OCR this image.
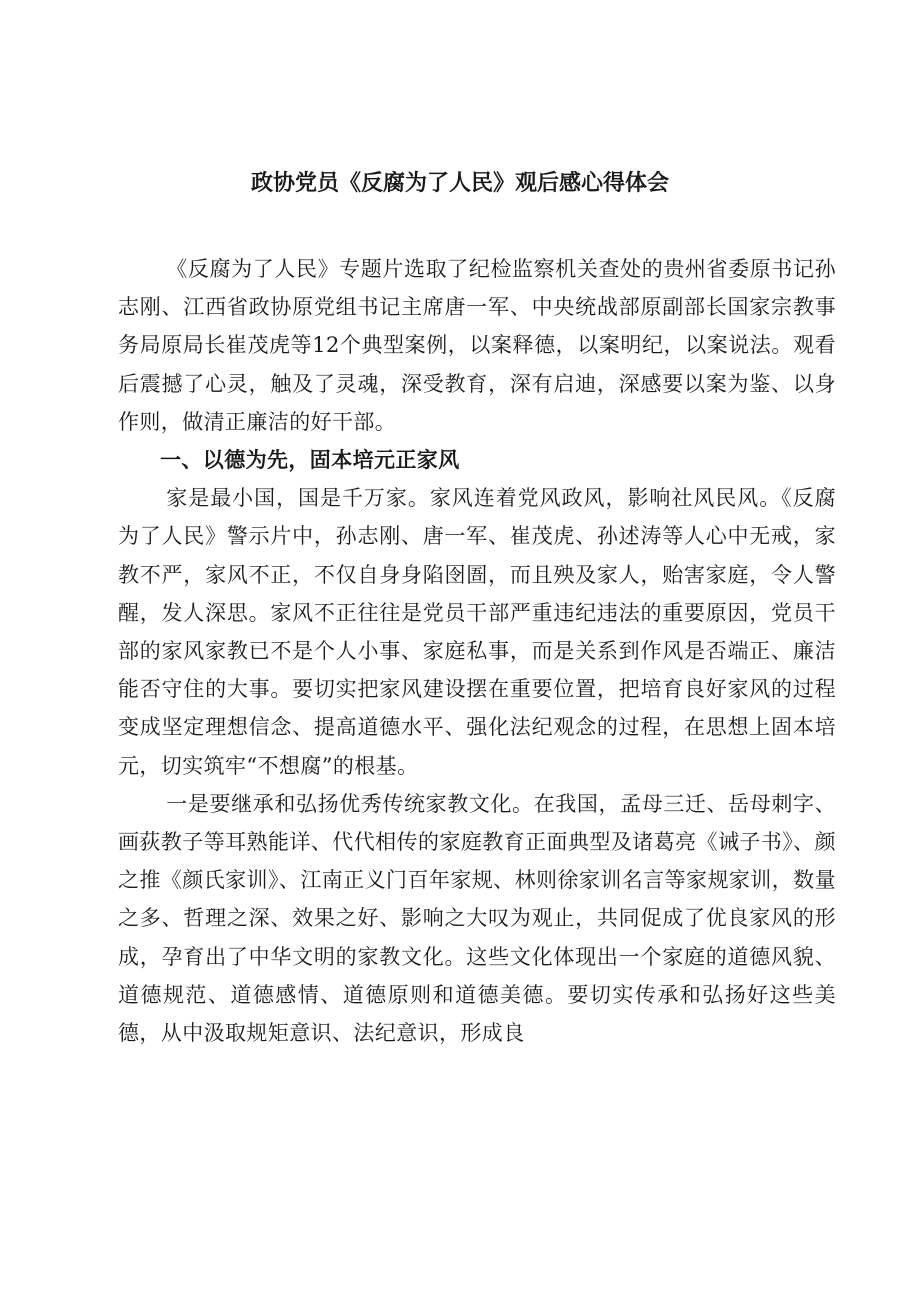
政协党员《反腐为了人民》观后感心得体会

《反腐为了人民》专题片选取了纪检监察机关查处的贵州省委原书记孙志刚、江西省政协原党组书记主席唐一军、中央统战部原副部长国家宗教事务局原局长崔茂虎等12个典型案例，以案释德，以案明纪，以案说法。观看后震撼了心灵，触及了灵魂，深受教育，深有启迪，深感要以案为鉴、以身作则，做清正廉洁的好干部。

一、以德为先，固本培元正家风

家是最小国，国是千万家。家风连着党风政风，影响社风民风。《反腐为了人民》警示片中，孙志刚、唐一军、崔茂虎、孙述涛等人心中无戒，家教不严，家风不正，不仅自身身陷囹圄，而且殃及家人，贻害家庭，令人警醒，发人深思。家风不正往往是党员干部严重违纪违法的重要原因，党员干部的家风家教已不是个人小事、家庭私事，而是关系到作风是否端正、廉洁能否守住的大事。要切实把家风建设摆在重要位置，把培育良好家风的过程变成坚定理想信念、提高道德水平、强化法纪观念的过程，在思想上固本培元，切实筑牢“不想腐”的根基。

一是要继承和弘扬优秀传统家教文化。在我国，孟母三迁、岳母刺字、画荻教子等耳熟能详、代代相传的家庭教育正面典型及诸葛亮《诫子书》、颜之推《颜氏家训》、江南正义门百年家规、林则徐家训名言等家规家训，数量之多、哲理之深、效果之好、影响之大叹为观止，共同促成了优良家风的形成，孕育出了中华文明的家教文化。这些文化体现出一个家庭的道德风貌、道德规范、道德感情、道德原则和道德美德。要切实传承和弘扬好这些美德，从中汲取规矩意识、法纪意识，形成良
